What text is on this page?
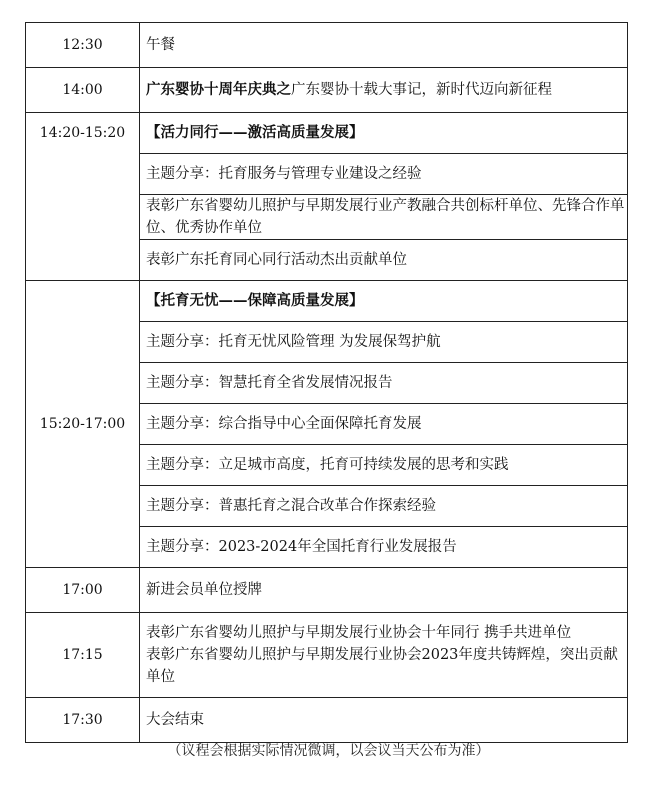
12:30	午餐
14:00	广东婴协十周年庆典之广东婴协十载大事记，新时代迈向新征程
14:20-15:20	【活力同行——激活高质量发展】
	主题分享：托育服务与管理专业建设之经验
	表彰广东省婴幼儿照护与早期发展行业产教融合共创标杆单位、先锋合作单位、优秀协作单位
	表彰广东托育同心同行活动杰出贡献单位
15:20-17:00	【托育无忧——保障高质量发展】
	主题分享：托育无忧风险管理 为发展保驾护航
	主题分享：智慧托育全省发展情况报告
	主题分享：综合指导中心全面保障托育发展
	主题分享：立足城市高度，托育可持续发展的思考和实践
	主题分享：普惠托育之混合改革合作探索经验
	主题分享：2023-2024年全国托育行业发展报告
17:00	新进会员单位授牌
17:15	表彰广东省婴幼儿照护与早期发展行业协会十年同行 携手共进单位
表彰广东省婴幼儿照护与早期发展行业协会2023年度共铸辉煌，突出贡献单位

17:30	大会结束
（议程会根据实际情况微调，以会议当天公布为准）
